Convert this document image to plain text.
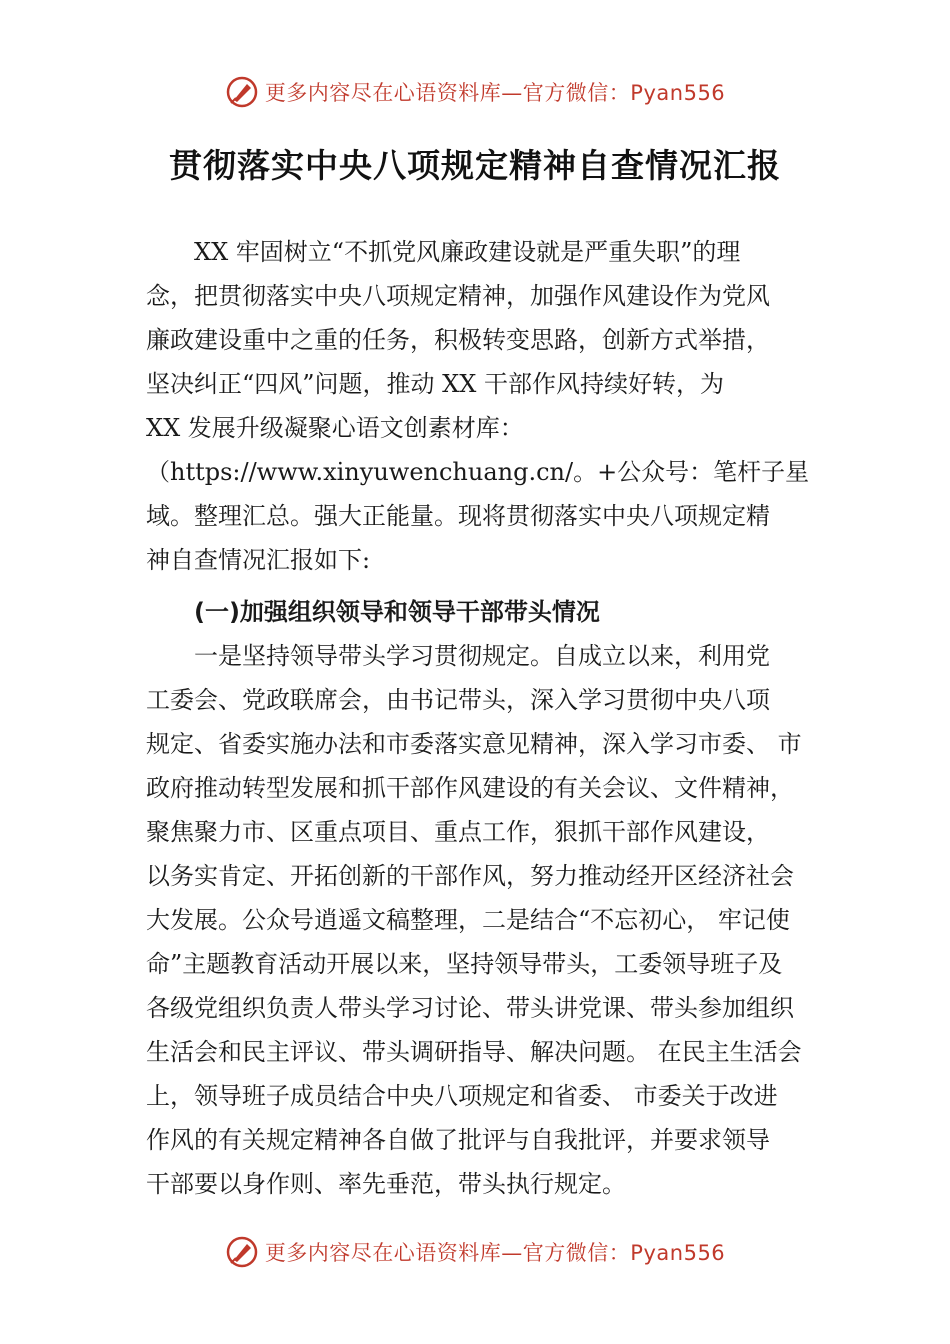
更多内容尽在心语资料库—官方微信：Pyan556
贯彻落实中央八项规定精神自查情况汇报
XX 牢固树立“不抓党风廉政建设就是严重失职”的理
念，把贯彻落实中央八项规定精神，加强作风建设作为党风
廉政建设重中之重的任务，积极转变思路，创新方式举措，
坚决纠正“四风”问题，推动 XX 干部作风持续好转，为
XX 发展升级凝聚心语文创素材库：
（https://www.xinyuwenchuang.cn/。+公众号：笔杆子星
域。整理汇总。强大正能量。现将贯彻落实中央八项规定精
神自查情况汇报如下:
(一)加强组织领导和领导干部带头情况
一是坚持领导带头学习贯彻规定。自成立以来，利用党
工委会、党政联席会，由书记带头，深入学习贯彻中央八项
规定、省委实施办法和市委落实意见精神，深入学习市委、 市
政府推动转型发展和抓干部作风建设的有关会议、文件精神，
聚焦聚力市、区重点项目、重点工作，狠抓干部作风建设，
以务实肯定、开拓创新的干部作风，努力推动经开区经济社会
大发展。公众号逍遥文稿整理，二是结合“不忘初心， 牢记使
命”主题教育活动开展以来，坚持领导带头，工委领导班子及
各级党组织负责人带头学习讨论、带头讲党课、带头参加组织
生活会和民主评议、带头调研指导、解决问题。 在民主生活会
上，领导班子成员结合中央八项规定和省委、 市委关于改进
作风的有关规定精神各自做了批评与自我批评，并要求领导
干部要以身作则、率先垂范，带头执行规定。
更多内容尽在心语资料库—官方微信：Pyan556
